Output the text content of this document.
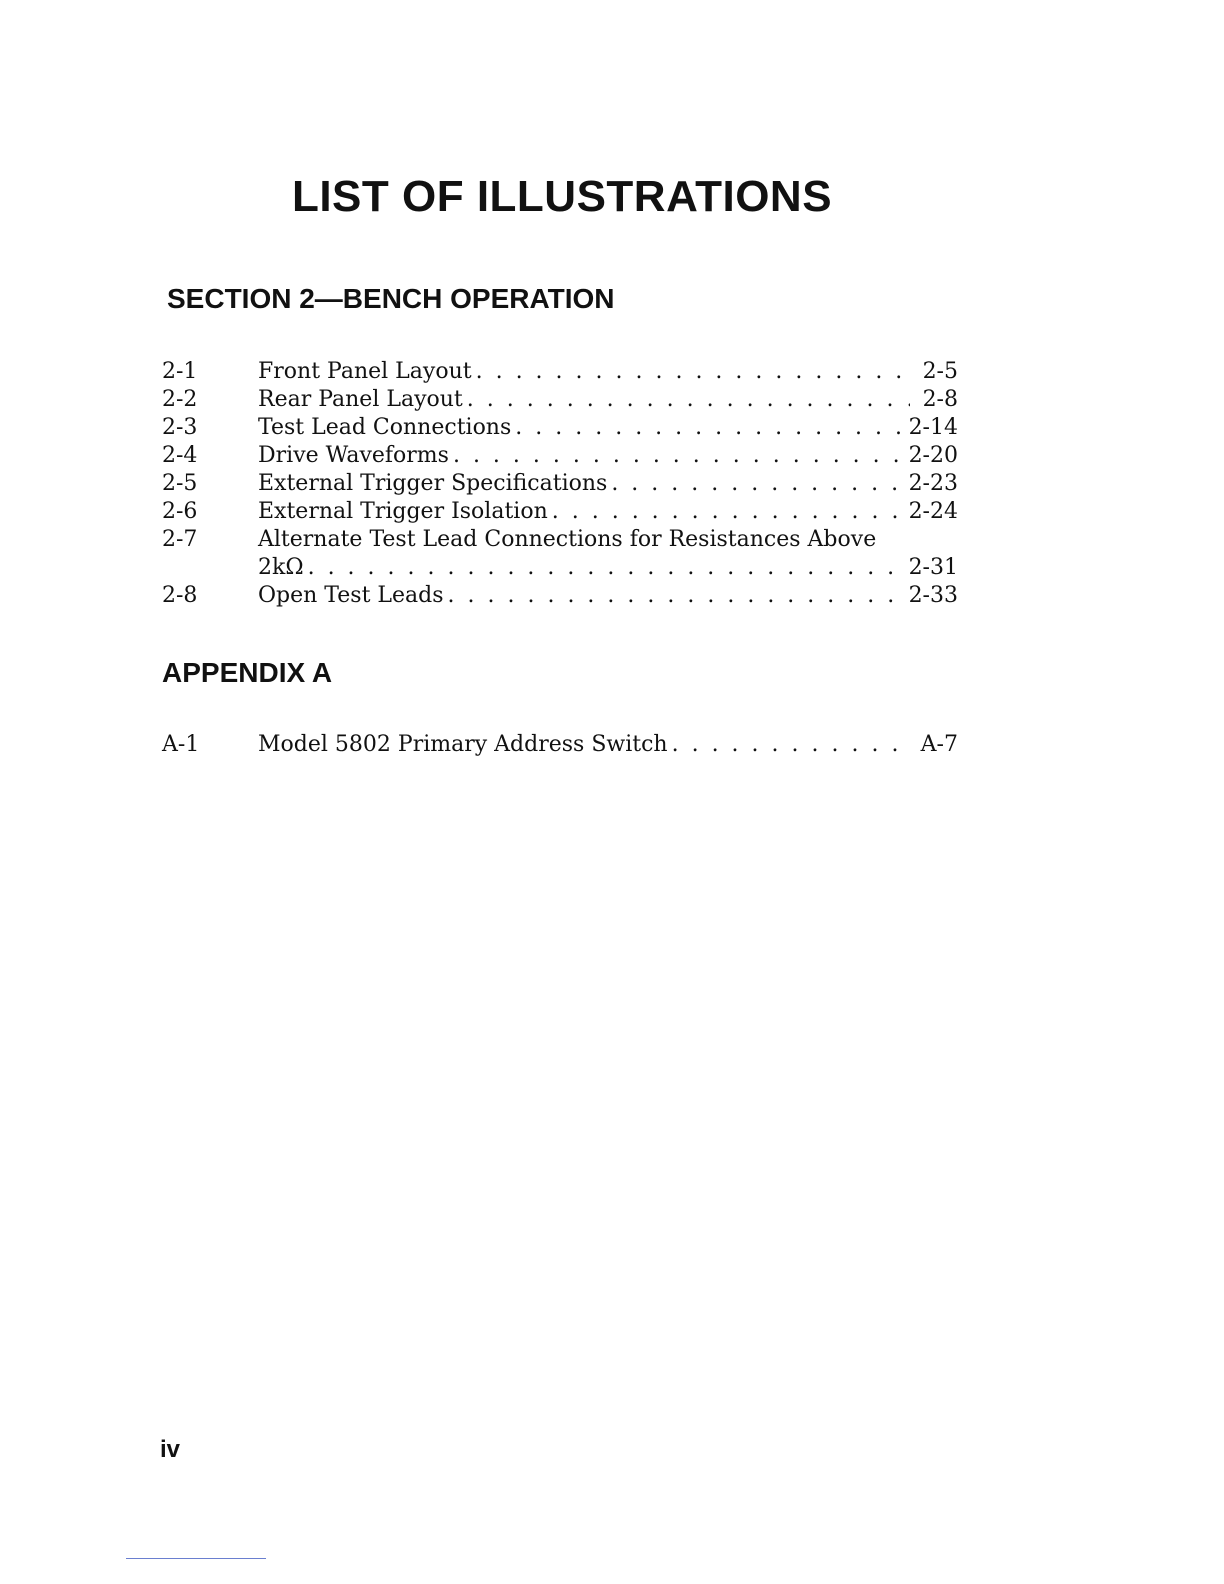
LIST OF ILLUSTRATIONS
SECTION 2—BENCH OPERATION
2-1	Front Panel Layout . . .	2-5
2-2	Rear Panel Layout . . .	2-8
2-3	Test Lead Connections . . .	2-14
2-4	Drive Waveforms . . .	2-20
2-5	External Trigger Specifications . . .	2-23
2-6	External Trigger Isolation . . .	2-24
2-7	Alternate Test Lead Connections for Resistances Above
2kΩ . . .	2-31
2-8	Open Test Leads . . .	2-33
APPENDIX A
A-1	Model 5802 Primary Address Switch . . .	A-7
iv
